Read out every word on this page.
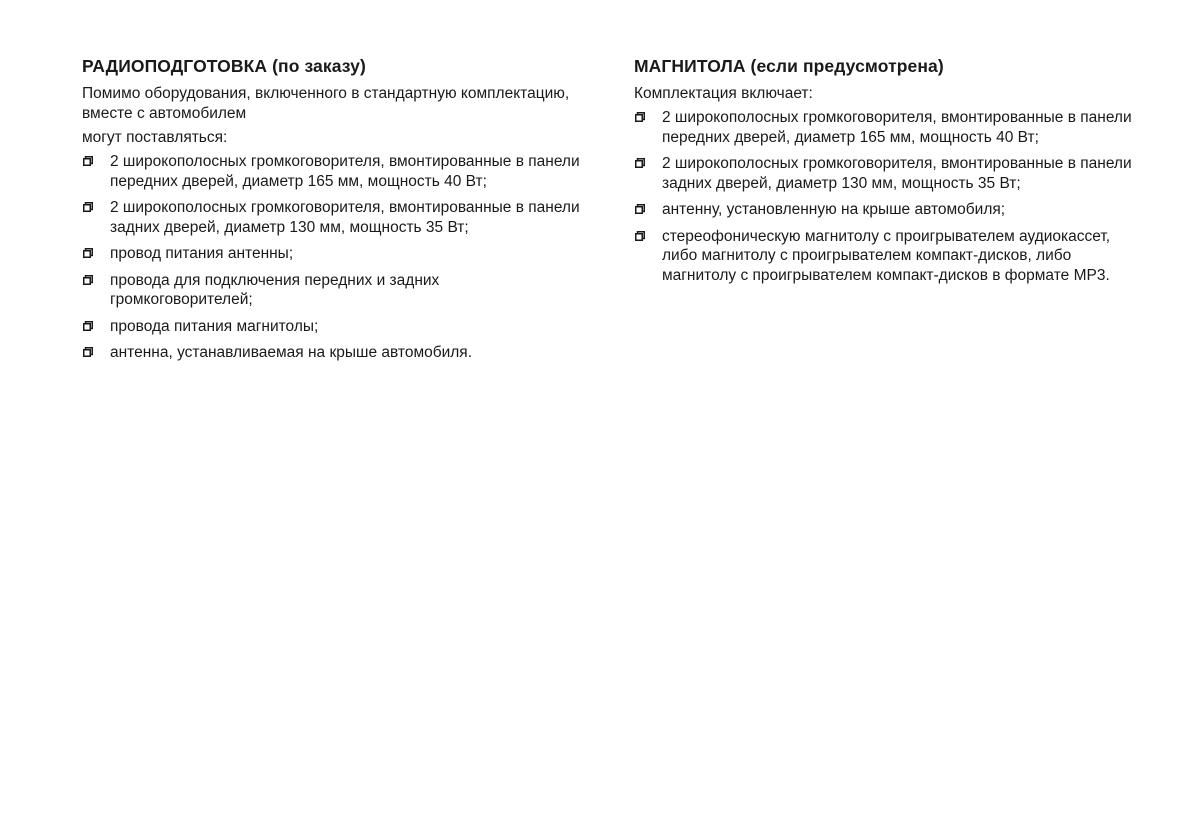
РАДИОПОДГОТОВКА (по заказу)

Помимо оборудования, включенного в стандартную комплектацию, вместе с автомобилем

могут поставляться:

2 широкополосных громкоговорителя, вмонтированные в панели передних дверей, диаметр 165 мм, мощность 40 Вт;
2 широкополосных громкоговорителя, вмонтированные в панели задних дверей, диаметр 130 мм, мощность 35 Вт;
провод питания антенны;
провода для подключения передних и задних громкоговорителей;
провода питания магнитолы;
антенна, устанавливаемая на крыше автомобиля.
МАГНИТОЛА (если предусмотрена)

Комплектация включает:

2 широкополосных громкоговорителя, вмонтированные в панели передних дверей, диаметр 165 мм, мощность 40 Вт;
2 широкополосных громкоговорителя, вмонтированные в панели задних дверей, диаметр 130 мм, мощность 35 Вт;
антенну, установленную на крыше автомобиля;
стереофоническую магнитолу с проигрывателем аудиокассет, либо магнитолу с проигрывателем компакт-дисков, либо магнитолу с проигрывателем компакт-дисков в формате MP3.
